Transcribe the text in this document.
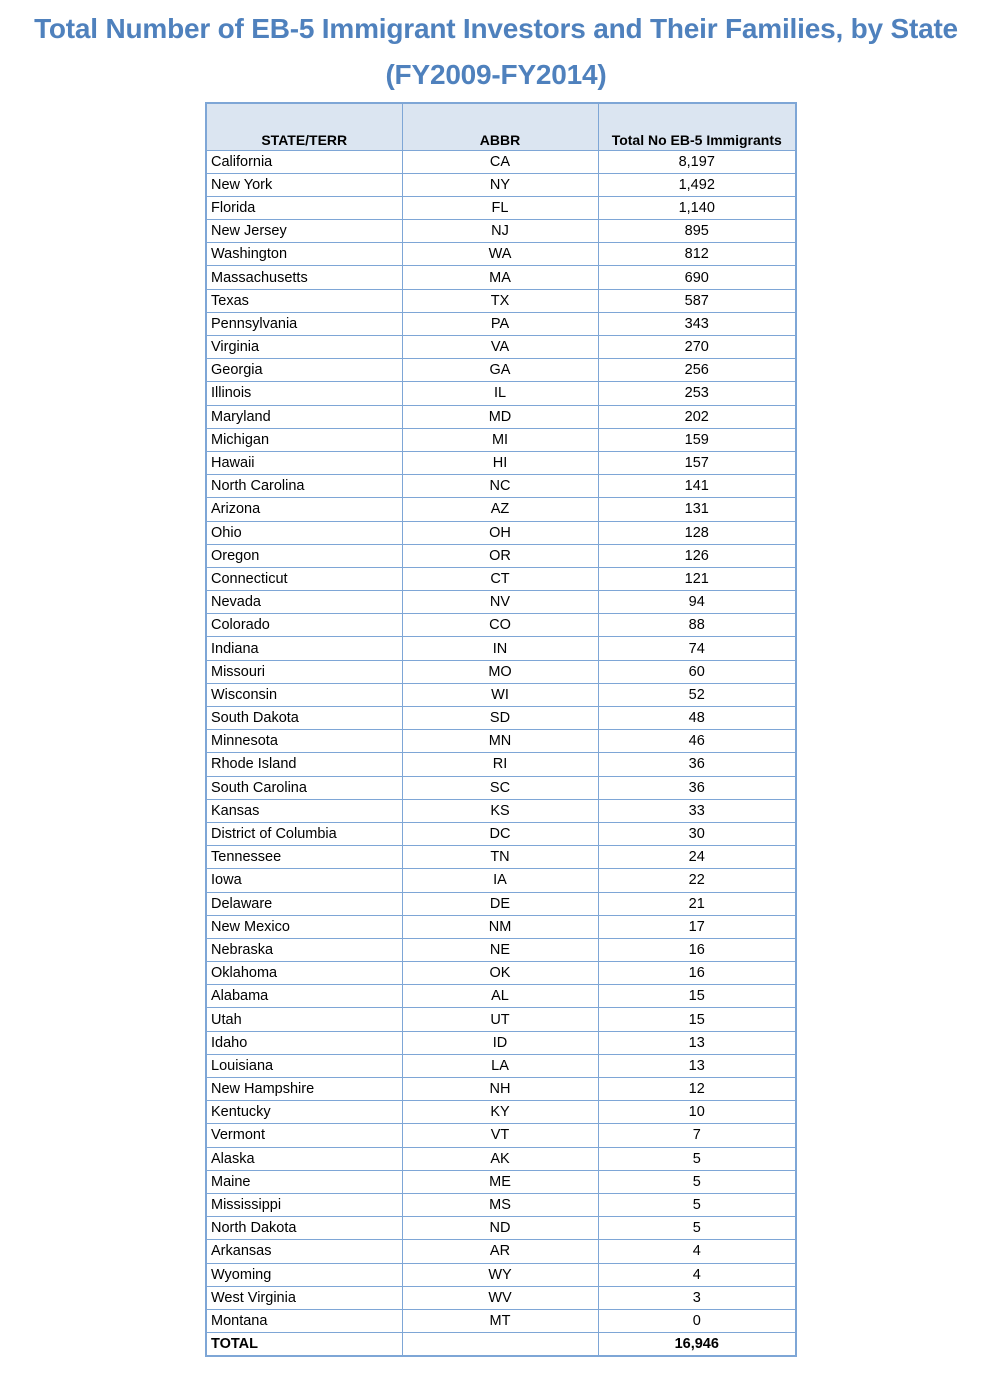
Total Number of EB-5 Immigrant Investors and Their Families, by State
(FY2009-FY2014)
STATE/TERR	ABBR	Total No EB-5 Immigrants
California	CA	8,197
New York	NY	1,492
Florida	FL	1,140
New Jersey	NJ	895
Washington	WA	812
Massachusetts	MA	690
Texas	TX	587
Pennsylvania	PA	343
Virginia	VA	270
Georgia	GA	256
Illinois	IL	253
Maryland	MD	202
Michigan	MI	159
Hawaii	HI	157
North Carolina	NC	141
Arizona	AZ	131
Ohio	OH	128
Oregon	OR	126
Connecticut	CT	121
Nevada	NV	94
Colorado	CO	88
Indiana	IN	74
Missouri	MO	60
Wisconsin	WI	52
South Dakota	SD	48
Minnesota	MN	46
Rhode Island	RI	36
South Carolina	SC	36
Kansas	KS	33
District of Columbia	DC	30
Tennessee	TN	24
Iowa	IA	22
Delaware	DE	21
New Mexico	NM	17
Nebraska	NE	16
Oklahoma	OK	16
Alabama	AL	15
Utah	UT	15
Idaho	ID	13
Louisiana	LA	13
New Hampshire	NH	12
Kentucky	KY	10
Vermont	VT	7
Alaska	AK	5
Maine	ME	5
Mississippi	MS	5
North Dakota	ND	5
Arkansas	AR	4
Wyoming	WY	4
West Virginia	WV	3
Montana	MT	0
TOTAL		16,946
